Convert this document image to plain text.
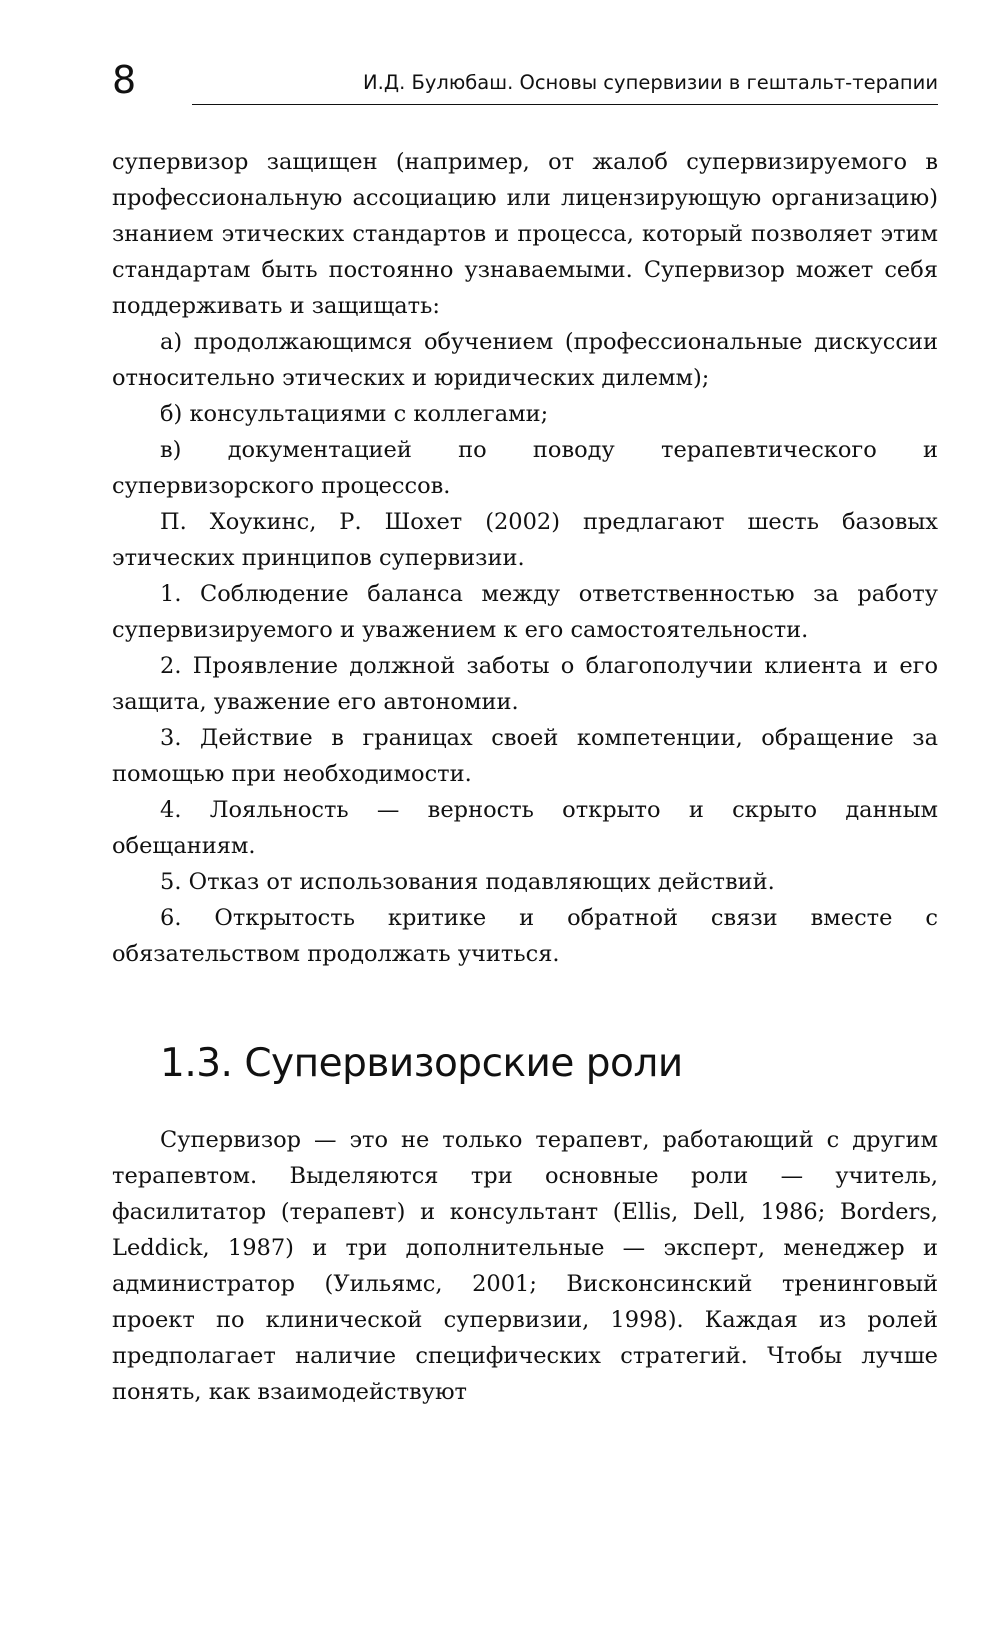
8	И.Д. Булюбаш. Основы супервизии в гештальт-терапии

супервизор защищен (например, от жалоб супервизируемого в профессиональную ассоциацию или лицензирующую организацию) знанием этических стандартов и процесса, который позволяет этим стандартам быть постоянно узнаваемыми. Супервизор может себя поддерживать и защищать:

а) продолжающимся обучением (профессиональные дискуссии относительно этических и юридических дилемм);

б) консультациями с коллегами;

в) документацией по поводу терапевтического и супервизорского процессов.

П. Хоукинс, Р. Шохет (2002) предлагают шесть базовых этических принципов супервизии.

1. Соблюдение баланса между ответственностью за работу супервизируемого и уважением к его самостоятельности.

2. Проявление должной заботы о благополучии клиента и его защита, уважение его автономии.

3. Действие в границах своей компетенции, обращение за помощью при необходимости.

4. Лояльность — верность открыто и скрыто данным обещаниям.

5. Отказ от использования подавляющих действий.

6. Открытость критике и обратной связи вместе с обязательством продолжать учиться.

1.3. Супервизорские роли

Супервизор — это не только терапевт, работающий с другим терапевтом. Выделяются три основные роли — учитель, фасилитатор (терапевт) и консультант (Ellis, Dell, 1986; Borders, Leddick, 1987) и три дополнительные — эксперт, менеджер и администратор (Уильямс, 2001; Висконсинский тренинговый проект по клинической супервизии, 1998). Каждая из ролей предполагает наличие специфических стратегий. Чтобы лучше понять, как взаимодействуют
